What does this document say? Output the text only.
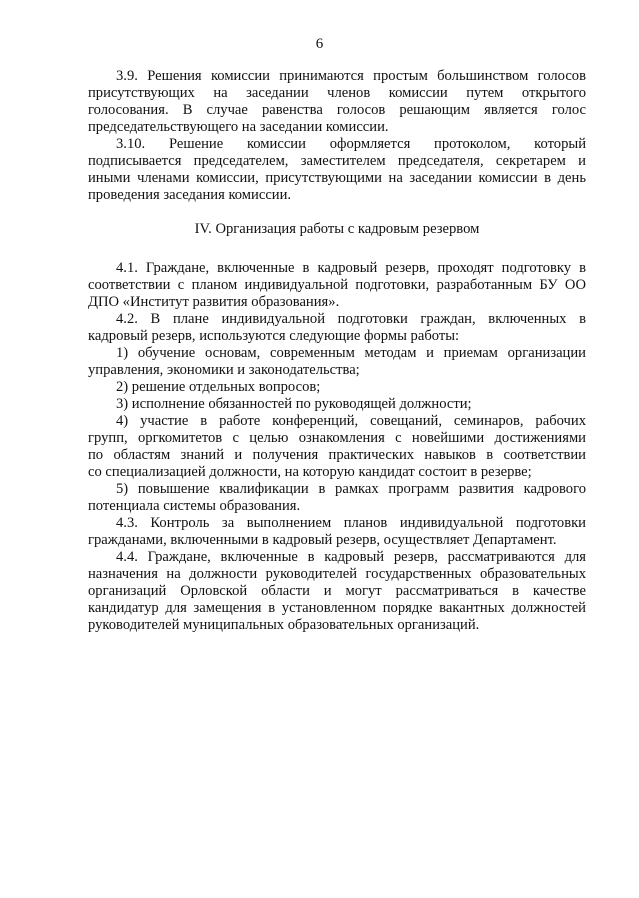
6
3.9. Решения комиссии принимаются простым большинством голосов
присутствующих на заседании членов комиссии путем открытого
голосования. В случае равенства голосов решающим является голос
председательствующего на заседании комиссии.
3.10. Решение комиссии оформляется протоколом, который
подписывается председателем, заместителем председателя, секретарем и
иными членами комиссии, присутствующими на заседании комиссии в день
проведения заседания комиссии.
IV. Организация работы с кадровым резервом
4.1. Граждане, включенные в кадровый резерв, проходят подготовку в
соответствии с планом индивидуальной подготовки, разработанным БУ ОО
ДПО «Институт развития образования».
4.2. В плане индивидуальной подготовки граждан, включенных в
кадровый резерв, используются следующие формы работы:
1) обучение основам, современным методам и приемам организации
управления, экономики и законодательства;
2) решение отдельных вопросов;
3) исполнение обязанностей по руководящей должности;
4) участие в работе конференций, совещаний, семинаров, рабочих
групп, оргкомитетов с целью ознакомления с новейшими достижениями
по областям знаний и получения практических навыков в соответствии
со специализацией должности, на которую кандидат состоит в резерве;
5) повышение квалификации в рамках программ развития кадрового
потенциала системы образования.
4.3. Контроль за выполнением планов индивидуальной подготовки
гражданами, включенными в кадровый резерв, осуществляет Департамент.
4.4. Граждане, включенные в кадровый резерв, рассматриваются для
назначения на должности руководителей государственных образовательных
организаций Орловской области и могут рассматриваться в качестве
кандидатур для замещения в установленном порядке вакантных должностей
руководителей муниципальных образовательных организаций.
